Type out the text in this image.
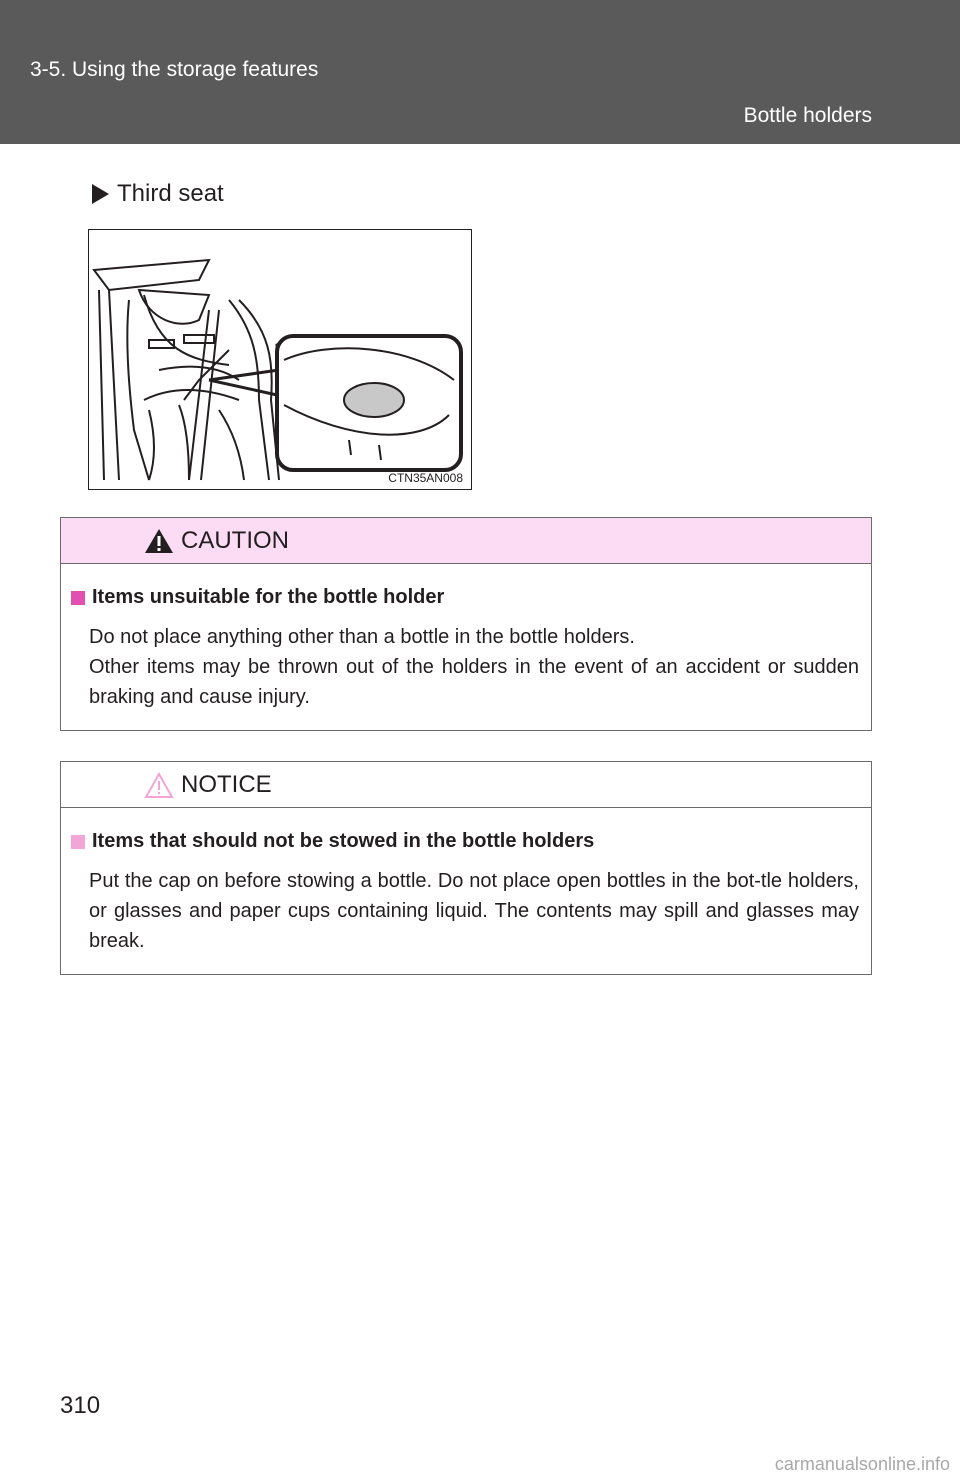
3-5. Using the storage features
Bottle holders
Third seat
CTN35AN008
CAUTION
Items unsuitable for the bottle holder

Do not place anything other than a bottle in the bottle holders.

Other items may be thrown out of the holders in the event of an accident or sudden braking and cause injury.

NOTICE
Items that should not be stowed in the bottle holders

Put the cap on before stowing a bottle. Do not place open bottles in the bot-tle holders, or glasses and paper cups containing liquid. The contents may spill and glasses may break.

310
carmanualsonline.info
